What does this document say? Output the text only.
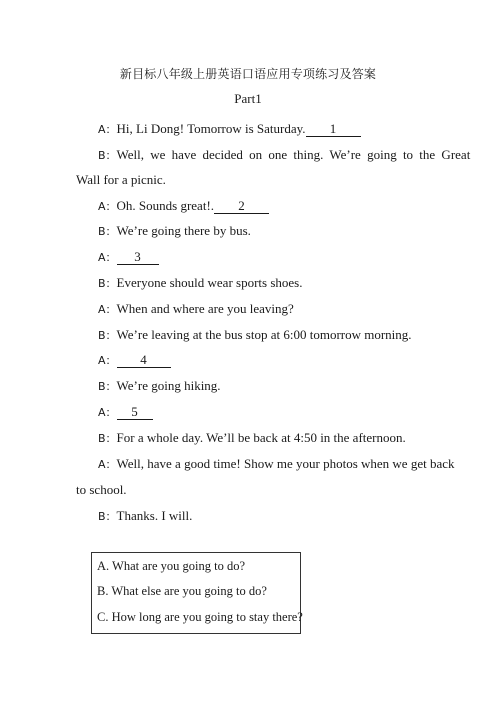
新目标八年级上册英语口语应用专项练习及答案
Part1
A：Hi, Li Dong! Tomorrow is Saturday. 1
B：Well, we have decided on one thing. We’re going to the Great
Wall for a picnic.
A：Oh. Sounds great!. 2
B：We’re going there by bus.
A： 3
B：Everyone should wear sports shoes.
A：When and where are you leaving?
B：We’re leaving at the bus stop at 6:00 tomorrow morning.
A： 4
B：We’re going hiking.
A： 5
B：For a whole day. We’ll be back at 4:50 in the afternoon.
A：Well, have a good time! Show me your photos when we get back
to school.
B：Thanks. I will.
A. What are you going to do?
B. What else are you going to do?
C. How long are you going to stay there?
